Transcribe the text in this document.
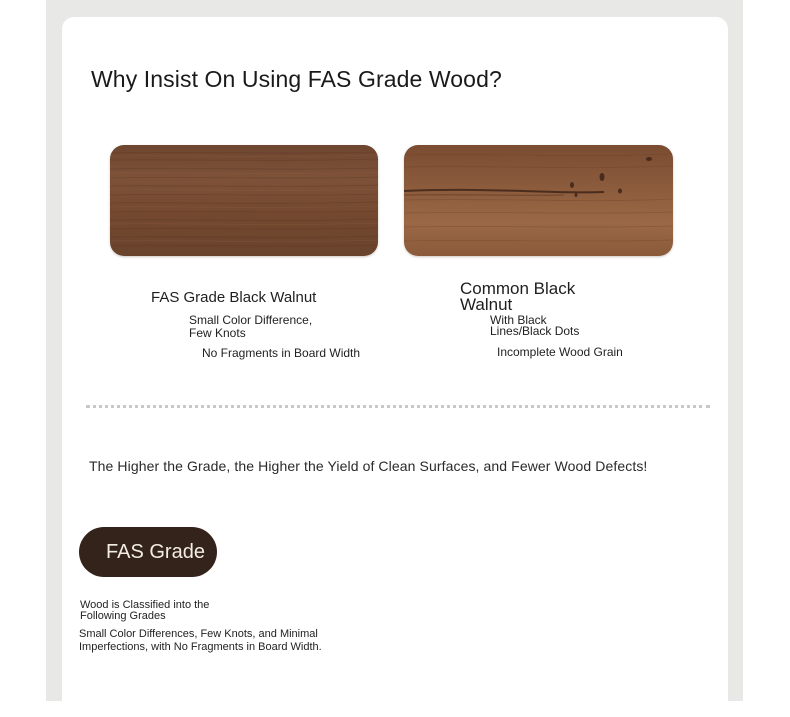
Why Insist On Using FAS Grade Wood?
FAS Grade Black Walnut
Small Color Difference, Few Knots
No Fragments in Board Width
Common Black Walnut
With Black Lines/Black Dots
Incomplete Wood Grain
The Higher the Grade, the Higher the Yield of Clean Surfaces, and Fewer Wood Defects!
FAS Grade
Wood is Classified into the Following Grades
Small Color Differences, Few Knots, and Minimal Imperfections, with No Fragments in Board Width.
